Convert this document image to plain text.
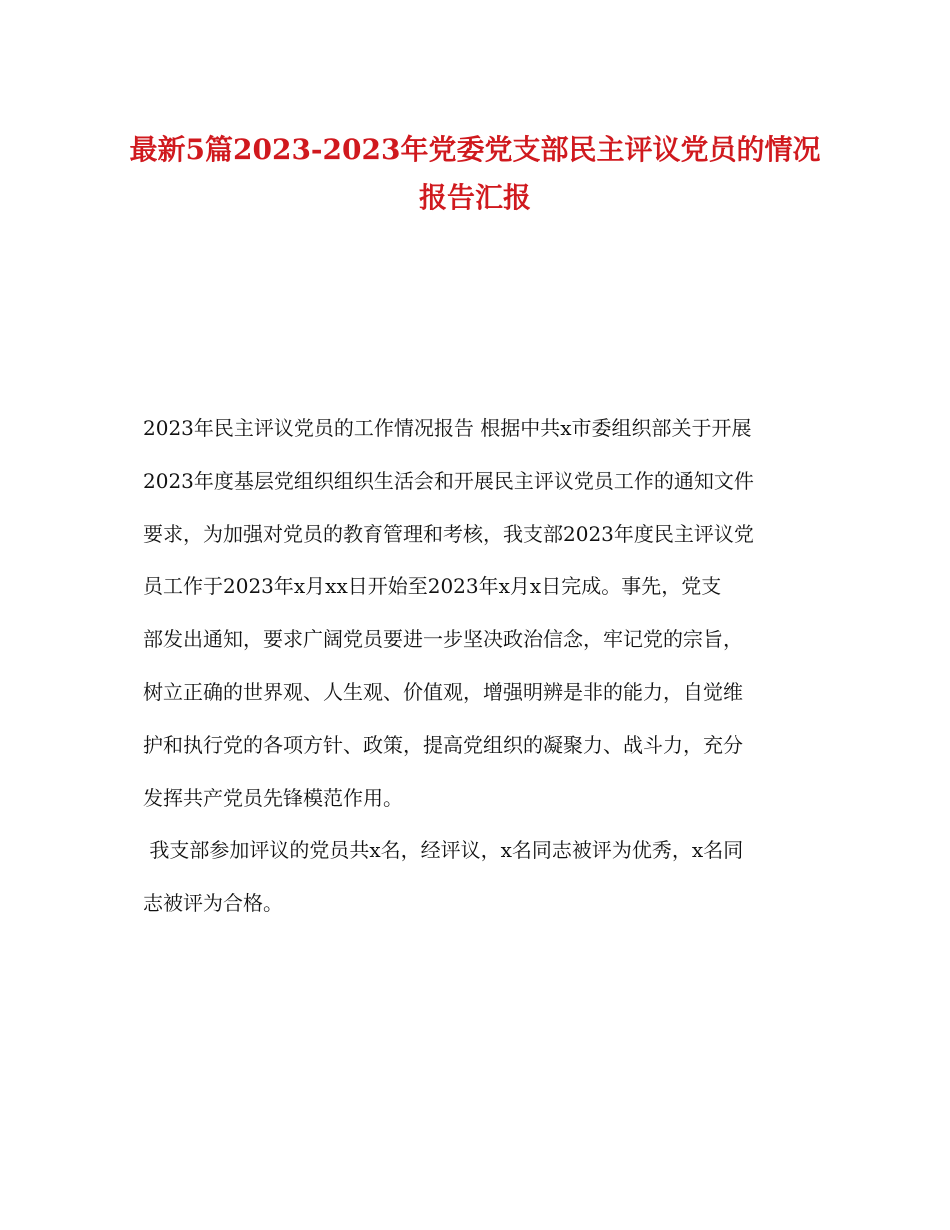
最新5篇2023-2023年党委党支部民主评议党员的情况
报告汇报
2023年民主评议党员的工作情况报告 根据中共x市委组织部关于开展
2023年度基层党组织组织生活会和开展民主评议党员工作的通知文件
要求，为加强对党员的教育管理和考核，我支部2023年度民主评议党
员工作于2023年x月xx日开始至2023年x月x日完成。事先，党支
部发出通知，要求广阔党员要进一步坚决政治信念，牢记党的宗旨，
树立正确的世界观、人生观、价值观，增强明辨是非的能力，自觉维
护和执行党的各项方针、政策，提高党组织的凝聚力、战斗力，充分
发挥共产党员先锋模范作用。
我支部参加评议的党员共x名，经评议，x名同志被评为优秀，x名同
志被评为合格。
